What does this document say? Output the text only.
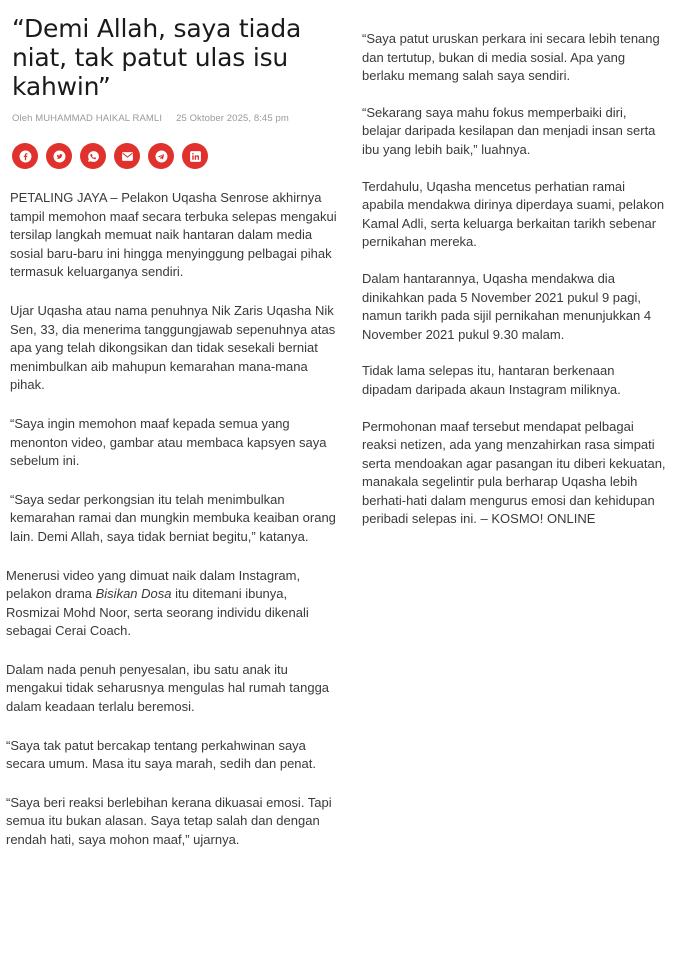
“Demi Allah, saya tiada niat, tak patut ulas isu kahwin”
Oleh MUHAMMAD HAIKAL RAMLI 25 Oktober 2025, 8:45 pm

PETALING JAYA – Pelakon Uqasha Senrose akhirnya tampil memohon maaf secara terbuka selepas mengakui tersilap langkah memuat naik hantaran dalam media sosial baru-baru ini hingga menyinggung pelbagai pihak termasuk keluarganya sendiri.

Ujar Uqasha atau nama penuhnya Nik Zaris Uqasha Nik Sen, 33, dia menerima tanggungjawab sepenuhnya atas apa yang telah dikongsikan dan tidak sesekali berniat menimbulkan aib mahupun kemarahan mana-mana pihak.

“Saya ingin memohon maaf kepada semua yang menonton video, gambar atau membaca kapsyen saya sebelum ini.

“Saya sedar perkongsian itu telah menimbulkan kemarahan ramai dan mungkin membuka keaiban orang lain. Demi Allah, saya tidak berniat begitu,” katanya.

Menerusi video yang dimuat naik dalam Instagram, pelakon drama Bisikan Dosa itu ditemani ibunya, Rosmizai Mohd Noor, serta seorang individu dikenali sebagai Cerai Coach.

Dalam nada penuh penyesalan, ibu satu anak itu mengakui tidak seharusnya mengulas hal rumah tangga dalam keadaan terlalu beremosi.

“Saya tak patut bercakap tentang perkahwinan saya secara umum. Masa itu saya marah, sedih dan penat.

“Saya beri reaksi berlebihan kerana dikuasai emosi. Tapi semua itu bukan alasan. Saya tetap salah dan dengan rendah hati, saya mohon maaf,” ujarnya.

“Saya patut uruskan perkara ini secara lebih tenang dan tertutup, bukan di media sosial. Apa yang berlaku memang salah saya sendiri.

“Sekarang saya mahu fokus memperbaiki diri, belajar daripada kesilapan dan menjadi insan serta ibu yang lebih baik,” luahnya.

Terdahulu, Uqasha mencetus perhatian ramai apabila mendakwa dirinya diperdaya suami, pelakon Kamal Adli, serta keluarga berkaitan tarikh sebenar pernikahan mereka.

Dalam hantarannya, Uqasha mendakwa dia dinikahkan pada 5 November 2021 pukul 9 pagi, namun tarikh pada sijil pernikahan menunjukkan 4 November 2021 pukul 9.30 malam.

Tidak lama selepas itu, hantaran berkenaan dipadam daripada akaun Instagram miliknya.

Permohonan maaf tersebut mendapat pelbagai reaksi netizen, ada yang menzahirkan rasa simpati serta mendoakan agar pasangan itu diberi kekuatan, manakala segelintir pula berharap Uqasha lebih berhati-hati dalam mengurus emosi dan kehidupan peribadi selepas ini. – KOSMO! ONLINE
